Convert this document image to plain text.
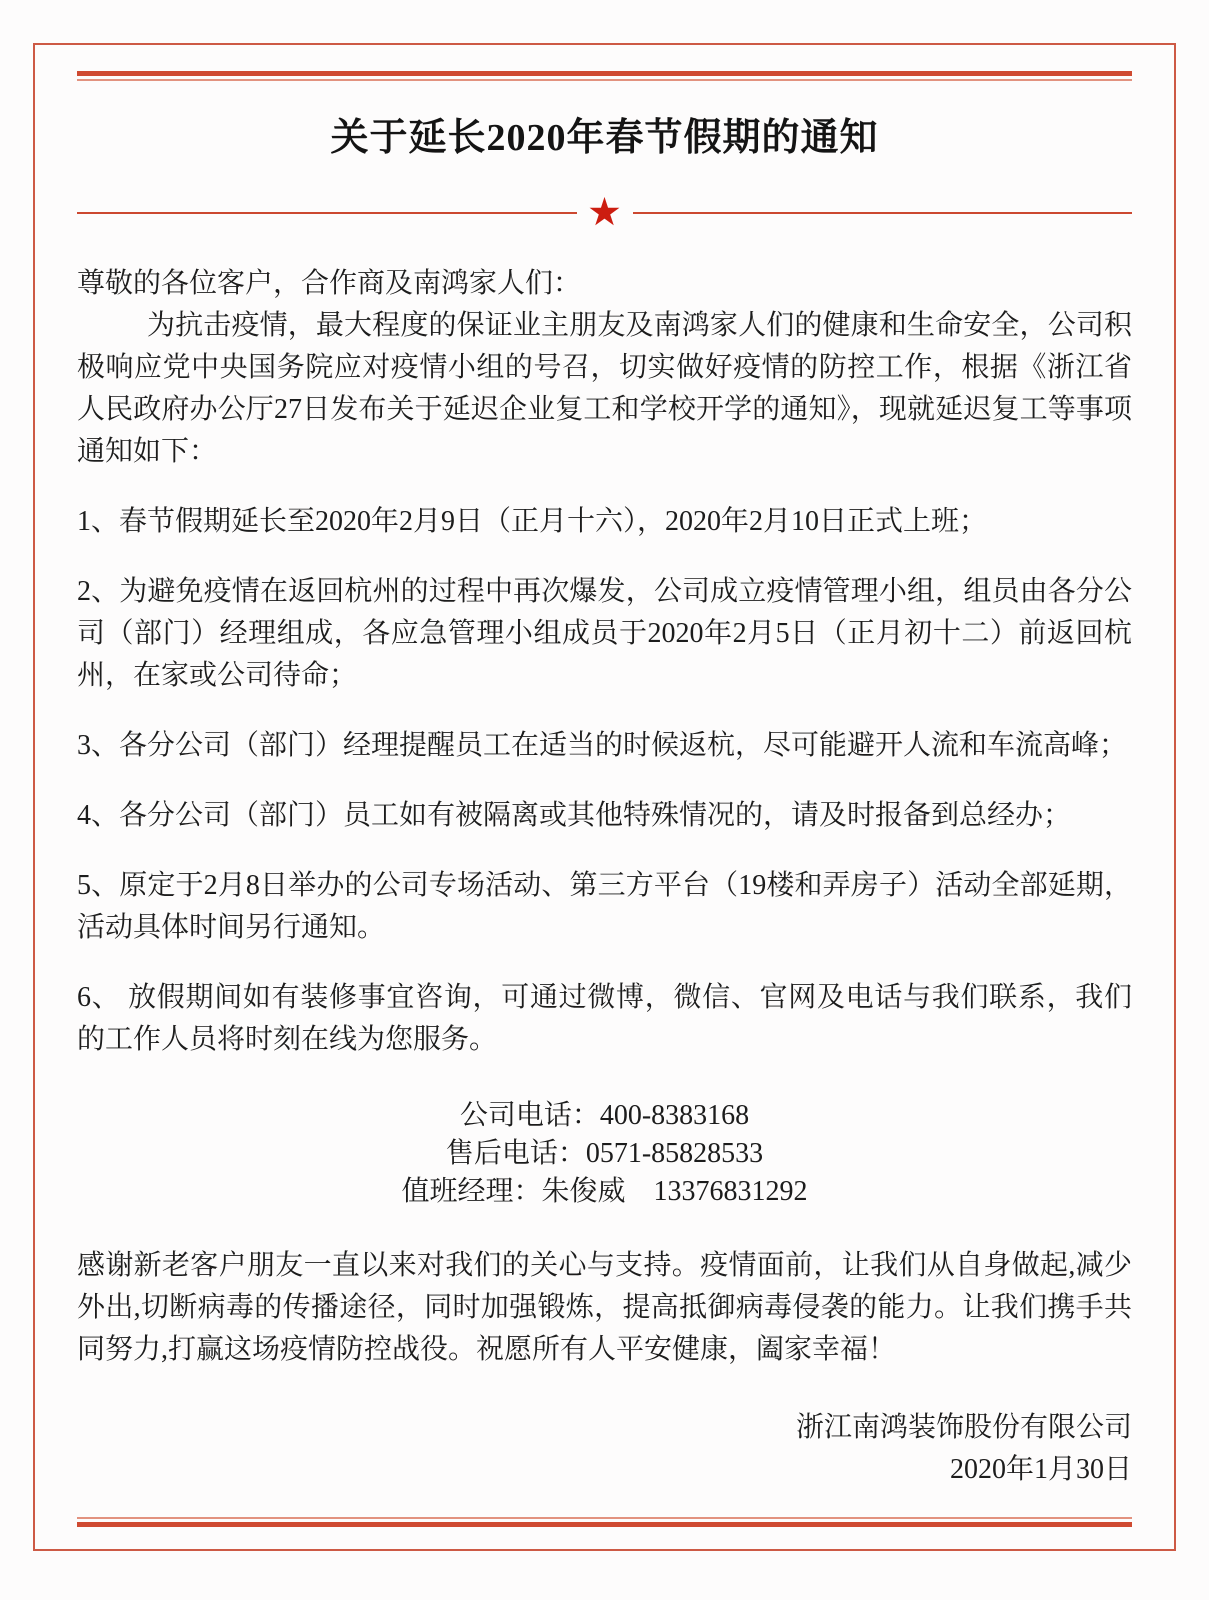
关于延长2020年春节假期的通知
★

尊敬的各位客户，合作商及南鸿家人们：

为抗击疫情，最大程度的保证业主朋友及南鸿家人们的健康和生命安全，公司积极响应党中央国务院应对疫情小组的号召，切实做好疫情的防控工作，根据《浙江省人民政府办公厅27日发布关于延迟企业复工和学校开学的通知》，现就延迟复工等事项通知如下：

1、春节假期延长至2020年2月9日（正月十六），2020年2月10日正式上班；

2、为避免疫情在返回杭州的过程中再次爆发，公司成立疫情管理小组，组员由各分公司（部门）经理组成，各应急管理小组成员于2020年2月5日（正月初十二）前返回杭州，在家或公司待命；

3、各分公司（部门）经理提醒员工在适当的时候返杭，尽可能避开人流和车流高峰；

4、各分公司（部门）员工如有被隔离或其他特殊情况的，请及时报备到总经办；

5、原定于2月8日举办的公司专场活动、第三方平台（19楼和弄房子）活动全部延期，活动具体时间另行通知。

6、 放假期间如有装修事宜咨询，可通过微博，微信、官网及电话与我们联系，我们的工作人员将时刻在线为您服务。

公司电话：400-8383168
售后电话：0571-85828533
值班经理：朱俊威　13376831292

感谢新老客户朋友一直以来对我们的关心与支持。疫情面前，让我们从自身做起,减少外出,切断病毒的传播途径，同时加强锻炼，提高抵御病毒侵袭的能力。让我们携手共同努力,打赢这场疫情防控战役。祝愿所有人平安健康，阖家幸福！

浙江南鸿装饰股份有限公司
2020年1月30日
